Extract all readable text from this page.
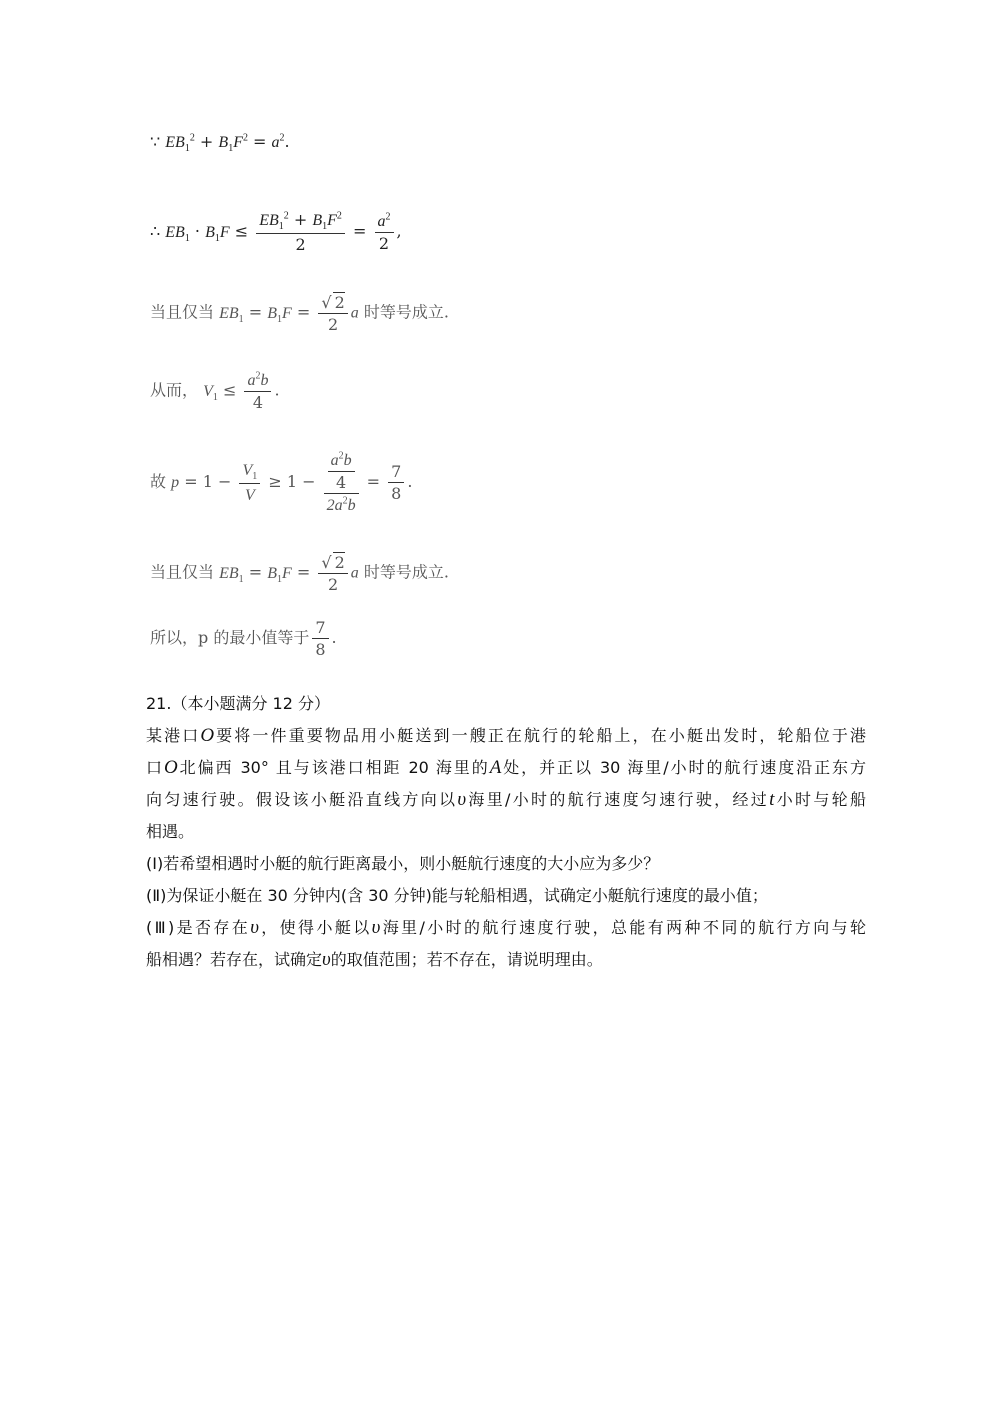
∵ $EB_1^2 + B_1F^2 = a^2$.
∴ $EB_1 \cdot B_1F \le \frac{EB_1^2 + B_1F^2}{2} = \frac{a^2}{2}$ ,
当且仅当 $EB_1 = B_1F = \frac{√ 2}{2}$ a 时等号成立.
从而， $V_1 \le \frac{a^2b}{4}$ .
故 $p = 1 - \frac{V_1}{V} \ge 1 - \frac{\frac{a^2b}{4}}{2a^2b} = \frac{7}{8}$ .
当且仅当 $EB_1 = B_1F = \frac{√ 2}{2}$ a 时等号成立.
所以，p 的最小值等于 $\frac{7}{8}$ .
21.（本小题满分 12 分）
某港口O要将一件重要物品用小艇送到一艘正在航行的轮船上，在小艇出发时，轮船位于港
口O北偏西 30° 且与该港口相距 20 海里的A处，并正以 30 海里/小时的航行速度沿正东方
向匀速行驶。假设该小艇沿直线方向以υ海里/小时的航行速度匀速行驶，经过t小时与轮船
相遇。
(Ⅰ)若希望相遇时小艇的航行距离最小，则小艇航行速度的大小应为多少？
(Ⅱ)为保证小艇在 30 分钟内(含 30 分钟)能与轮船相遇，试确定小艇航行速度的最小值；
(Ⅲ)是否存在υ，使得小艇以υ海里/小时的航行速度行驶，总能有两种不同的航行方向与轮
船相遇？若存在，试确定υ的取值范围；若不存在，请说明理由。
